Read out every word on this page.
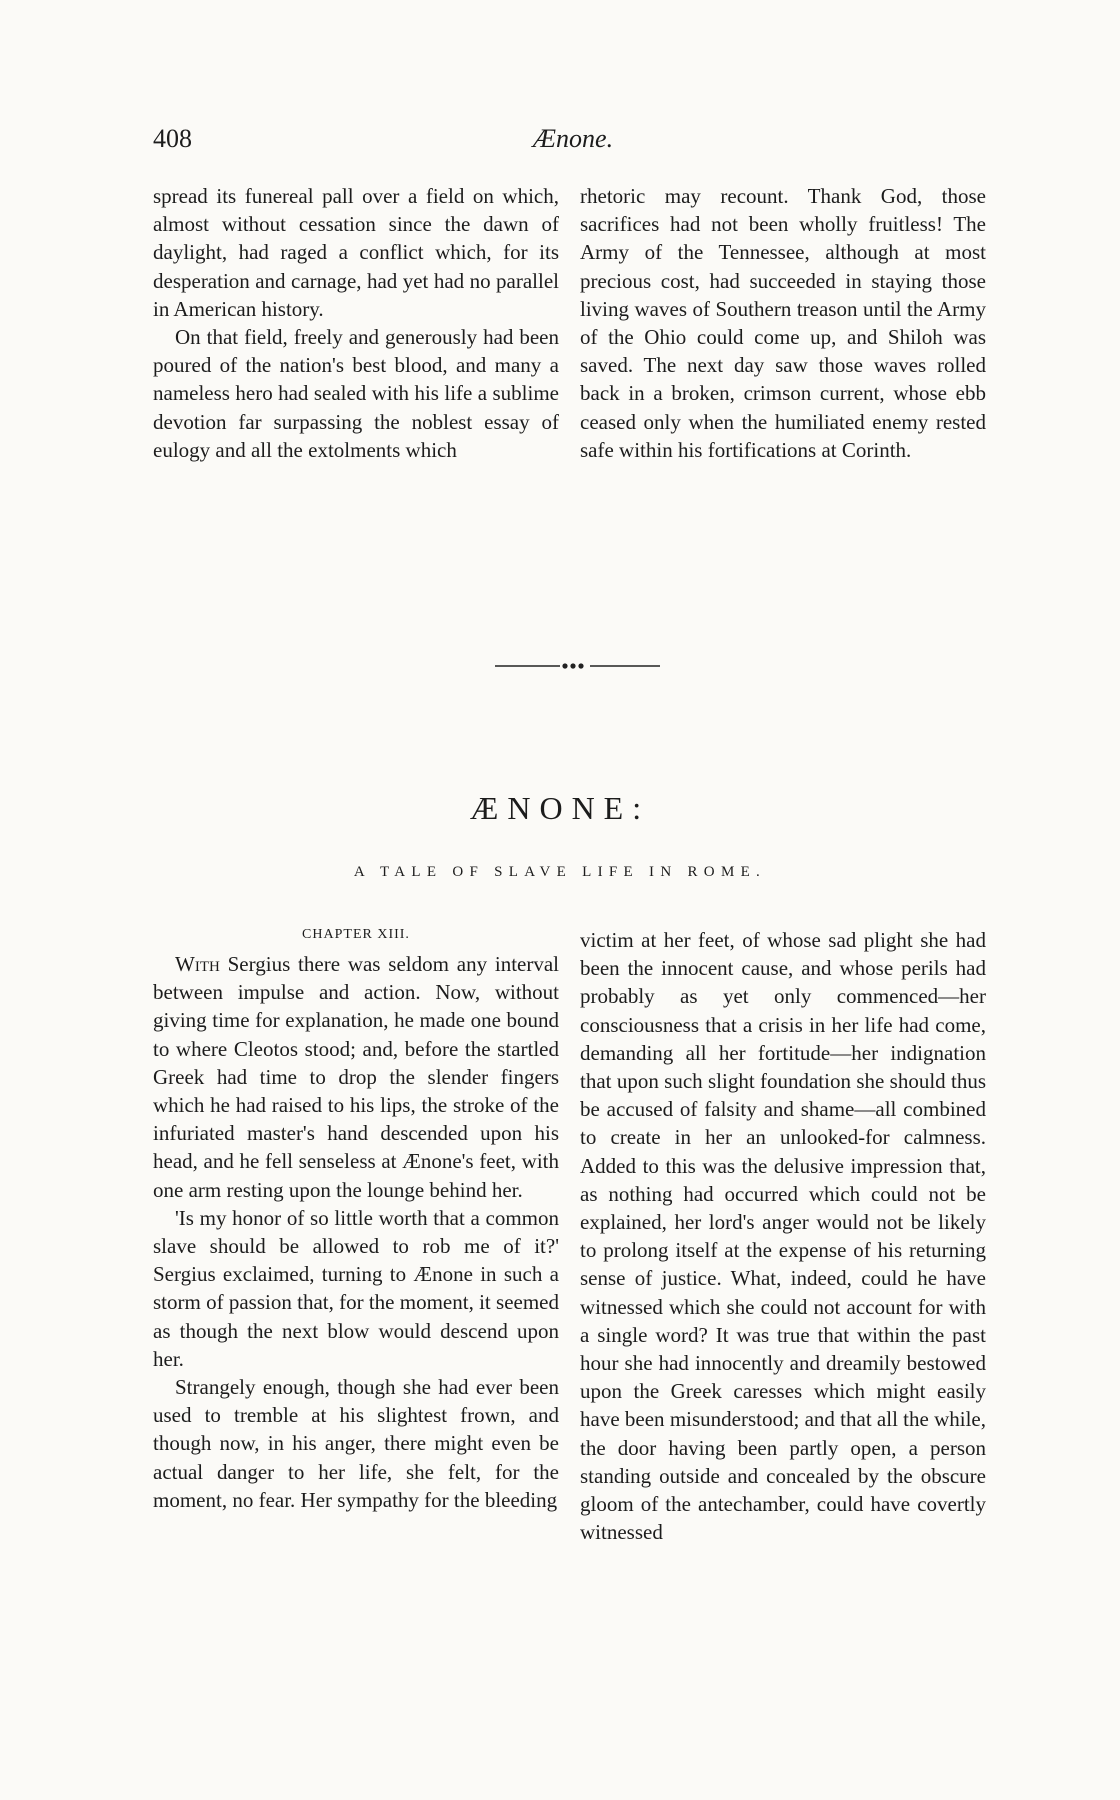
408	Ænone.

spread its funereal pall over a field on which, almost without cessation since the dawn of daylight, had raged a conflict which, for its desperation and carnage, had yet had no parallel in American history.

On that field, freely and generously had been poured of the nation's best blood, and many a nameless hero had sealed with his life a sublime devotion far surpassing the noblest essay of eulogy and all the extolments which

rhetoric may recount. Thank God, those sacrifices had not been wholly fruitless! The Army of the Tennessee, although at most precious cost, had succeeded in staying those living waves of Southern treason until the Army of the Ohio could come up, and Shiloh was saved. The next day saw those waves rolled back in a broken, crimson current, whose ebb ceased only when the humiliated enemy rested safe within his fortifications at Corinth.

ÆNONE:
A TALE OF SLAVE LIFE IN ROME.

CHAPTER XIII.

With Sergius there was seldom any interval between impulse and action. Now, without giving time for explanation, he made one bound to where Cleotos stood; and, before the startled Greek had time to drop the slender fingers which he had raised to his lips, the stroke of the infuriated master's hand descended upon his head, and he fell senseless at Ænone's feet, with one arm resting upon the lounge behind her.

'Is my honor of so little worth that a common slave should be allowed to rob me of it?' Sergius exclaimed, turning to Ænone in such a storm of passion that, for the moment, it seemed as though the next blow would descend upon her.

Strangely enough, though she had ever been used to tremble at his slightest frown, and though now, in his anger, there might even be actual danger to her life, she felt, for the moment, no fear. Her sympathy for the bleeding

victim at her feet, of whose sad plight she had been the innocent cause, and whose perils had probably as yet only commenced—her consciousness that a crisis in her life had come, demanding all her fortitude—her indignation that upon such slight foundation she should thus be accused of falsity and shame—all combined to create in her an unlooked-for calmness. Added to this was the delusive impression that, as nothing had occurred which could not be explained, her lord's anger would not be likely to prolong itself at the expense of his returning sense of justice. What, indeed, could he have witnessed which she could not account for with a single word? It was true that within the past hour she had innocently and dreamily bestowed upon the Greek caresses which might easily have been misunderstood; and that all the while, the door having been partly open, a person standing outside and concealed by the obscure gloom of the antechamber, could have covertly witnessed
